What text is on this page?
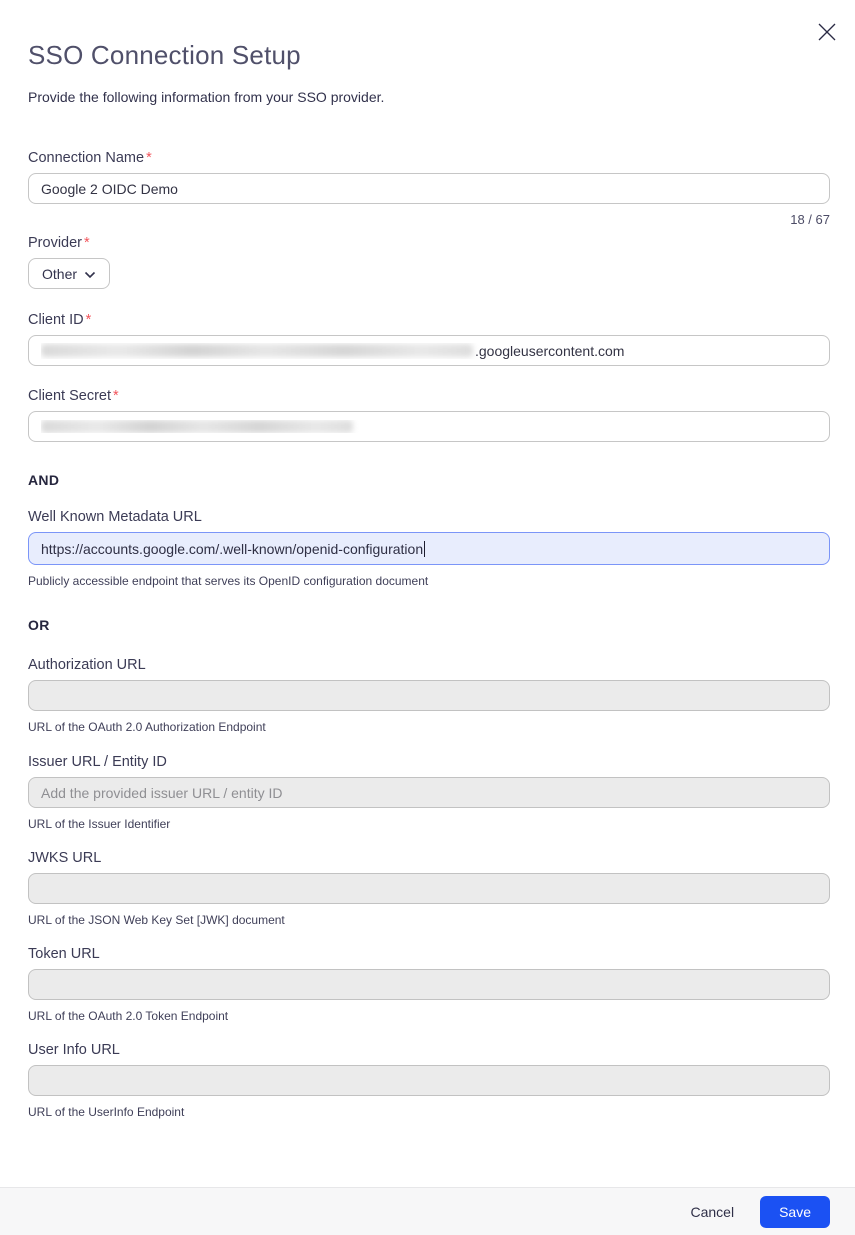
SSO Connection Setup
Provide the following information from your SSO provider.
Connection Name *
Google 2 OIDC Demo
18 / 67
Provider *
Other
Client ID *
.googleusercontent.com
Client Secret *
AND
Well Known Metadata URL
https://accounts.google.com/.well-known/openid-configuration
Publicly accessible endpoint that serves its OpenID configuration document
OR
Authorization URL
URL of the OAuth 2.0 Authorization Endpoint
Issuer URL / Entity ID
Add the provided issuer URL / entity ID
URL of the Issuer Identifier
JWKS URL
URL of the JSON Web Key Set [JWK] document
Token URL
URL of the OAuth 2.0 Token Endpoint
User Info URL
URL of the UserInfo Endpoint
Cancel	Save
